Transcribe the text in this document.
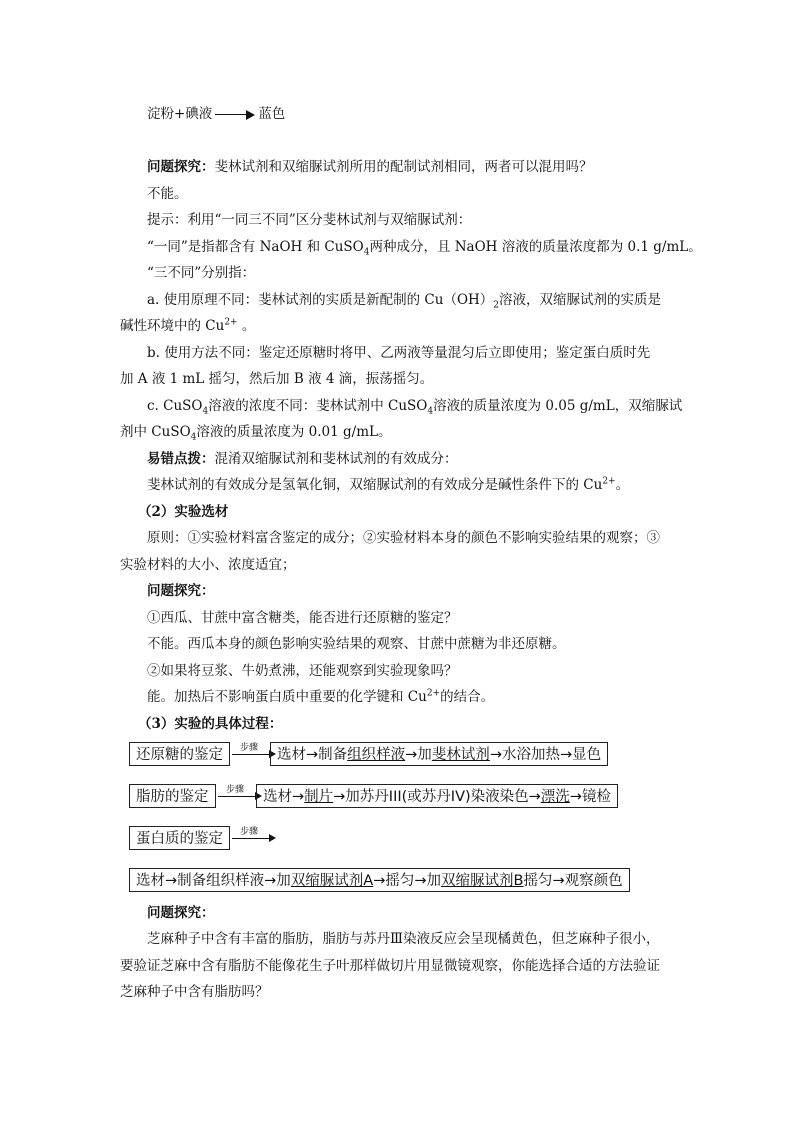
淀粉+碘液	蓝色
问题探究：斐林试剂和双缩脲试剂所用的配制试剂相同，两者可以混用吗？
不能。
提示：利用“一同三不同”区分斐林试剂与双缩脲试剂：
“一同”是指都含有 NaOH 和 CuSO$_4$两种成分，且 NaOH 溶液的质量浓度都为 0.1 g/mL。
“三不同”分别指：
a. 使用原理不同：斐林试剂的实质是新配制的 $Cu(OH)_2$溶液，双缩脲试剂的实质是
碱性环境中的 $Cu^{2+}$ 。
b. 使用方法不同：鉴定还原糖时将甲、乙两液等量混匀后立即使用；鉴定蛋白质时先
加 A 液 1 mL 摇匀，然后加 B 液 4 滴，振荡摇匀。
c. CuSO$_4$溶液的浓度不同：斐林试剂中 CuSO$_4$溶液的质量浓度为 0.05 g/mL，双缩脲试
剂中 CuSO$_4$溶液的质量浓度为 0.01 g/mL。
易错点拨：混淆双缩脲试剂和斐林试剂的有效成分：
斐林试剂的有效成分是氢氧化铜，双缩脲试剂的有效成分是碱性条件下的 $Cu^{2+}$。
（2）实验选材
原则：①实验材料富含鉴定的成分；②实验材料本身的颜色不影响实验结果的观察；③
实验材料的大小、浓度适宜；
问题探究：
①西瓜、甘蔗中富含糖类，能否进行还原糖的鉴定？
不能。西瓜本身的颜色影响实验结果的观察、甘蔗中蔗糖为非还原糖。
②如果将豆浆、牛奶煮沸，还能观察到实验现象吗？
能。加热后不影响蛋白质中重要的化学键和 $Cu^{2+}$的结合。
（3）实验的具体过程：
还原糖的鉴定	步骤	选材→制备组织样液→加斐林试剂→水浴加热→显色
脂肪的鉴定	步骤	选材→制片→加苏丹III(或苏丹IV)染液染色→漂洗→镜检
蛋白质的鉴定	步骤
选材→制备组织样液→加双缩脲试剂A→摇匀→加双缩脲试剂B摇匀→观察颜色
问题探究：
芝麻种子中含有丰富的脂肪，脂肪与苏丹Ⅲ染液反应会呈现橘黄色，但芝麻种子很小，
要验证芝麻中含有脂肪不能像花生子叶那样做切片用显微镜观察，你能选择合适的方法验证
芝麻种子中含有脂肪吗？
